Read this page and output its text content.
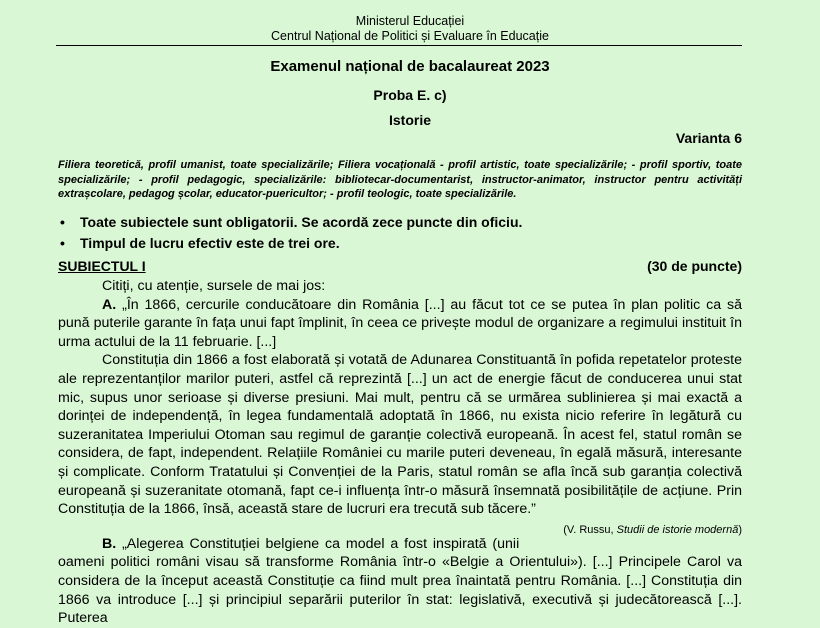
Ministerul Educației
Centrul Național de Politici și Evaluare în Educație
Examenul național de bacalaureat 2023
Proba E. c)
Istorie
Varianta 6
Filiera teoretică, profil umanist, toate specializările; Filiera vocațională - profil artistic, toate specializările; - profil sportiv, toate specializările; - profil pedagogic, specializările: bibliotecar-documentarist, instructor-animator, instructor pentru activități extrașcolare, pedagog școlar, educator-puericultor; - profil teologic, toate specializările.
• Toate subiectele sunt obligatorii. Se acordă zece puncte din oficiu.
• Timpul de lucru efectiv este de trei ore.
SUBIECTUL I	(30 de puncte)

Citiți, cu atenție, sursele de mai jos:

A. „În 1866, cercurile conducătoare din România [...] au făcut tot ce se putea în plan politic ca să pună puterile garante în fața unui fapt împlinit, în ceea ce privește modul de organizare a regimului instituit în urma actului de la 11 februarie. [...]

Constituția din 1866 a fost elaborată și votată de Adunarea Constituantă în pofida repetatelor proteste ale reprezentanților marilor puteri, astfel că reprezintă [...] un act de energie făcut de conducerea unui stat mic, supus unor serioase și diverse presiuni. Mai mult, pentru că se urmărea sublinierea și mai exactă a dorinței de independență, în legea fundamentală adoptată în 1866, nu exista nicio referire în legătură cu suzeranitatea Imperiului Otoman sau regimul de garanție colectivă europeană. În acest fel, statul român se considera, de fapt, independent. Relațiile României cu marile puteri deveneau, în egală măsură, interesante și complicate. Conform Tratatului și Convenției de la Paris, statul român se afla încă sub garanția colectivă europeană și suzeranitate otomană, fapt ce-i influența într-o măsură însemnată posibilitățile de acțiune. Prin Constituția de la 1866, însă, această stare de lucruri era trecută sub tăcere.”
(V. Russu, Studii de istorie modernă)

B. „Alegerea Constituției belgiene ca model a fost inspirată (unii oameni politici români visau să transforme România într-o «Belgie a Orientului»). [...] Principele Carol va considera de la început această Constituție ca fiind mult prea înaintată pentru România. [...] Constituția din 1866 va introduce [...] și principiul separării puterilor în stat: legislativă, executivă și judecătorească [...]. Puterea
